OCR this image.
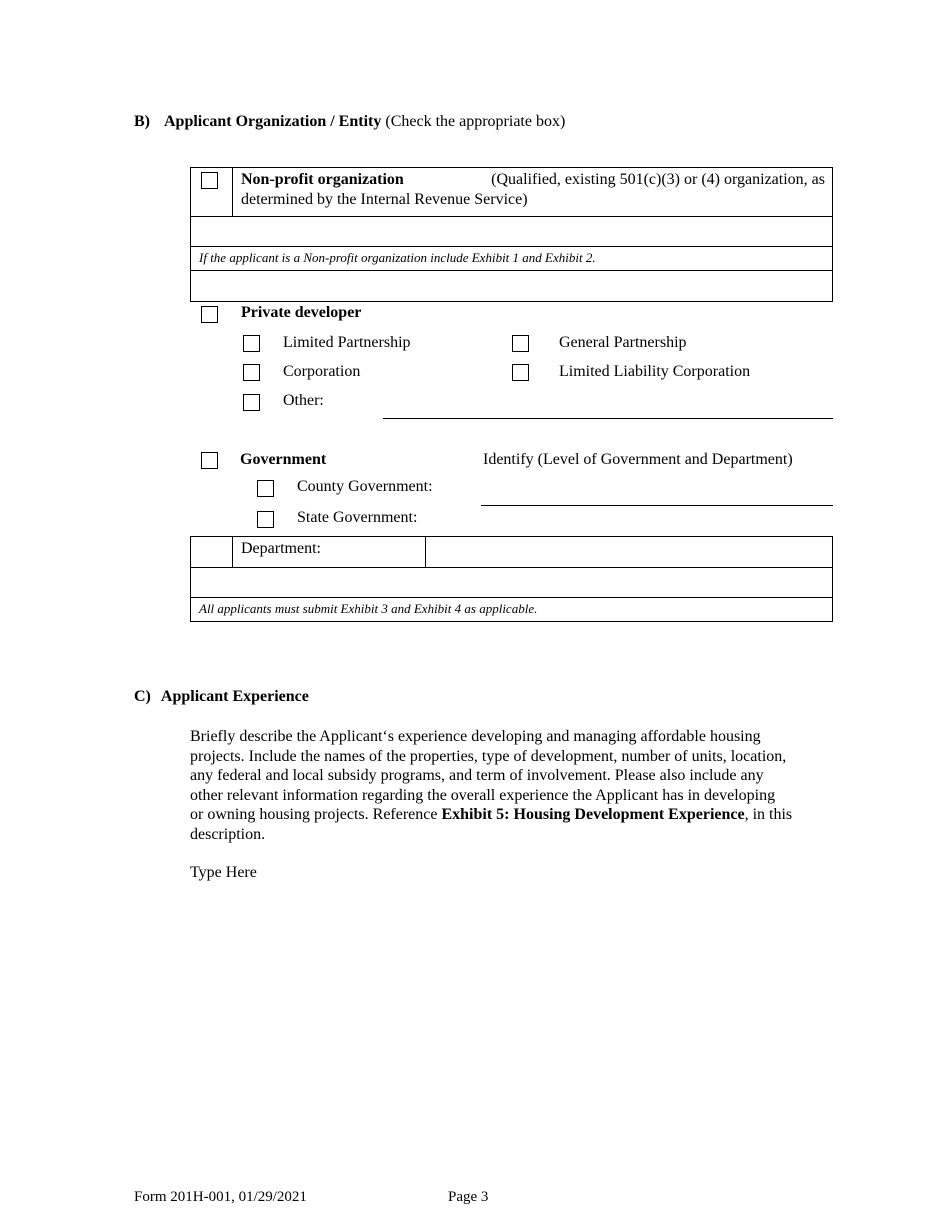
B) Applicant Organization / Entity (Check the appropriate box)
Non-profit organization	(Qualified, existing 501(c)(3) or (4) organization, as
determined by the Internal Revenue Service)
If the applicant is a Non-profit organization include Exhibit 1 and Exhibit 2.
Private developer
Limited Partnership	General Partnership
Corporation	Limited Liability Corporation
Other:
Government	Identify (Level of Government and Department)
County Government:
State Government:
Department:
All applicants must submit Exhibit 3 and Exhibit 4 as applicable.
C) Applicant Experience
Briefly describe the Applicant‘s experience developing and managing affordable housing
projects. Include the names of the properties, type of development, number of units, location,
any federal and local subsidy programs, and term of involvement. Please also include any
other relevant information regarding the overall experience the Applicant has in developing
or owning housing projects. Reference Exhibit 5: Housing Development Experience, in this
description.
Type Here
Form 201H-001, 01/29/2021	Page 3
